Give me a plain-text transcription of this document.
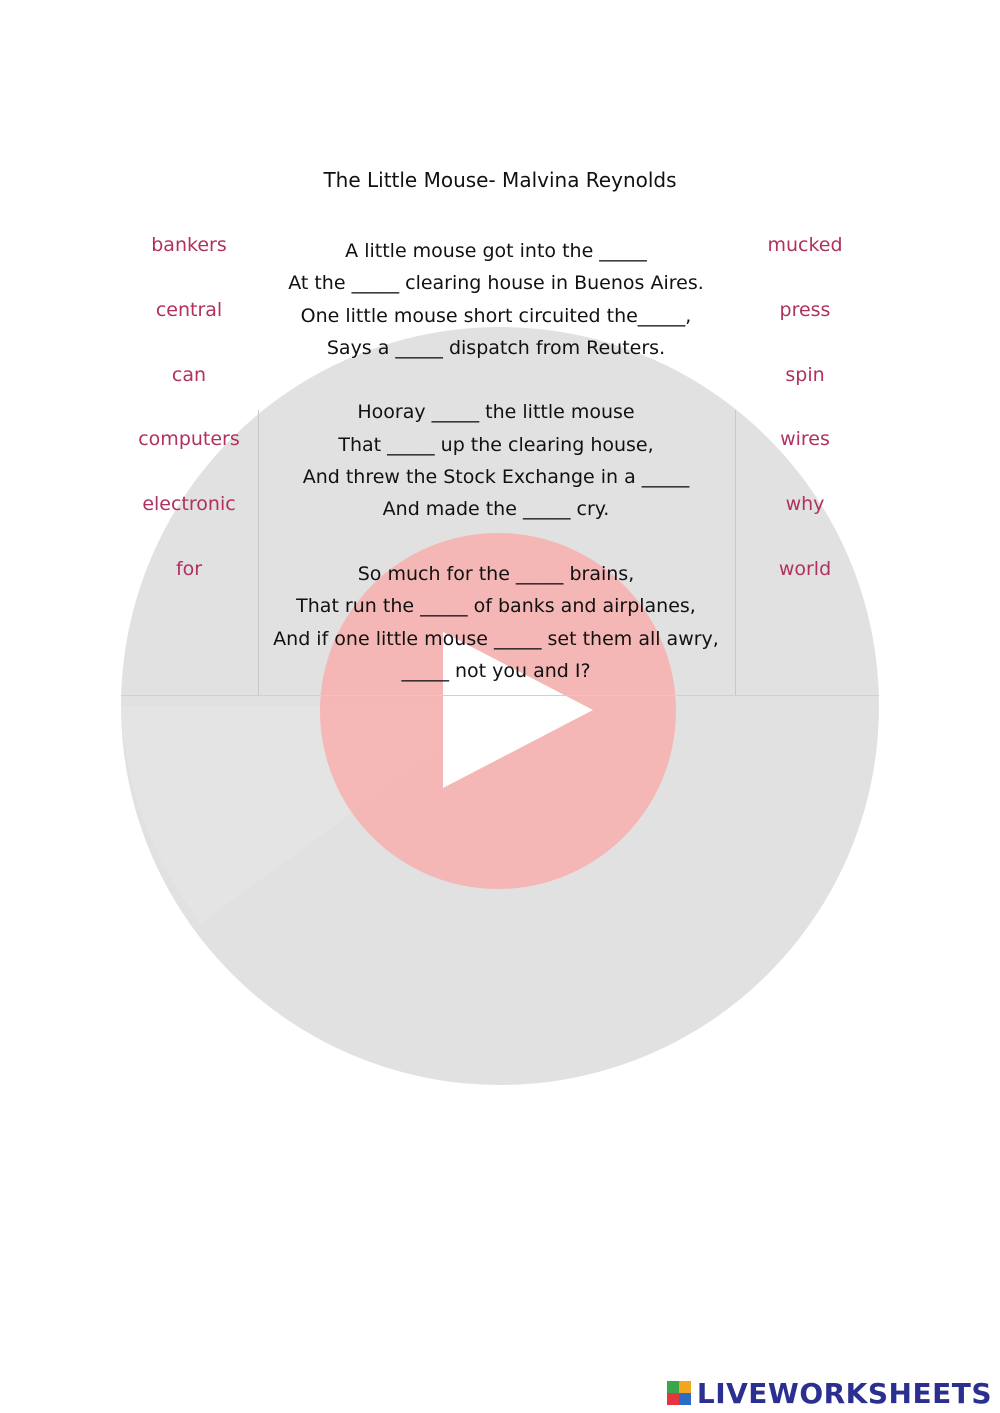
The Little Mouse- Malvina Reynolds
bankers
central
can
computers
electronic
for
mucked
press
spin
wires
why
world
A little mouse got into the _____
At the _____ clearing house in Buenos Aires.
One little mouse short circuited the_____,
Says a _____ dispatch from Reuters.
Hooray _____ the little mouse
That _____ up the clearing house,
And threw the Stock Exchange in a _____
And made the _____ cry.
So much for the _____ brains,
That run the _____ of banks and airplanes,
And if one little mouse _____ set them all awry,
_____ not you and I?
LIVEWORKSHEETS
